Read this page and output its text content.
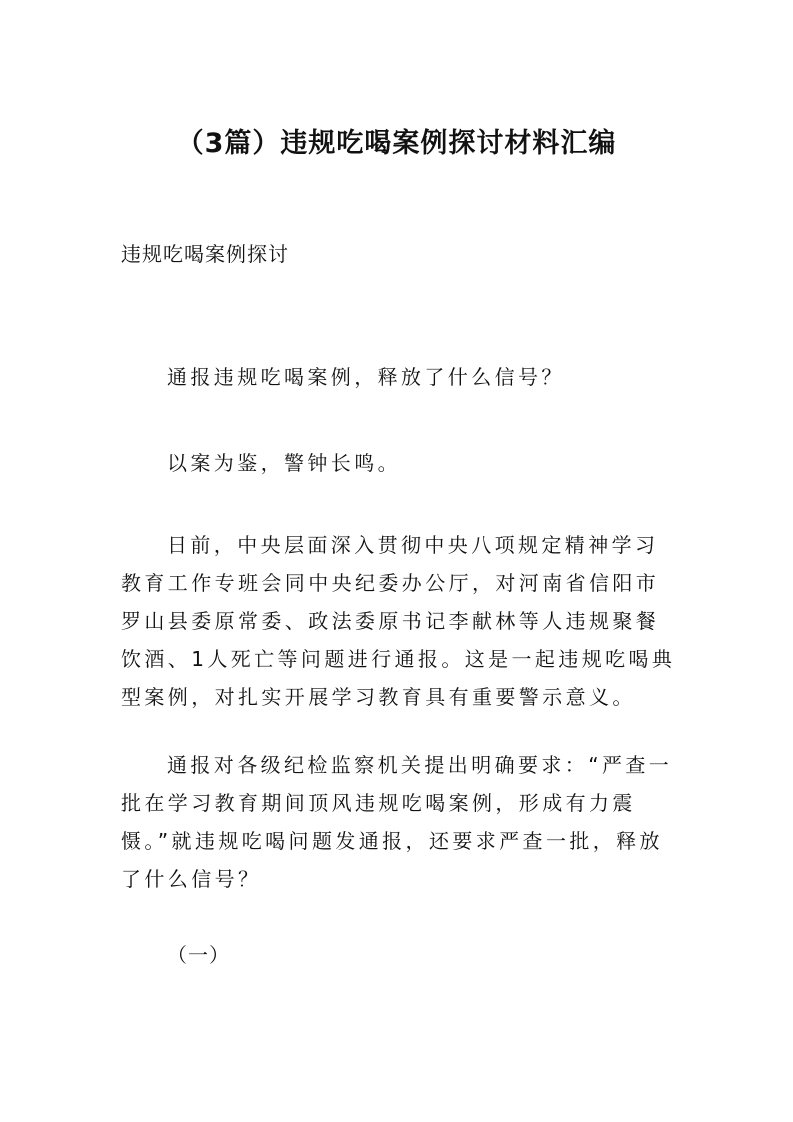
（3篇）违规吃喝案例探讨材料汇编
违规吃喝案例探讨

通报违规吃喝案例，释放了什么信号？

以案为鉴，警钟长鸣。

日前，中央层面深入贯彻中央八项规定精神学习教育工作专班会同中央纪委办公厅，对河南省信阳市罗山县委原常委、政法委原书记李献林等人违规聚餐饮酒、1人死亡等问题进行通报。这是一起违规吃喝典型案例，对扎实开展学习教育具有重要警示意义。

通报对各级纪检监察机关提出明确要求：“严查一批在学习教育期间顶风违规吃喝案例，形成有力震慑。”就违规吃喝问题发通报，还要求严查一批，释放了什么信号？

（一）
